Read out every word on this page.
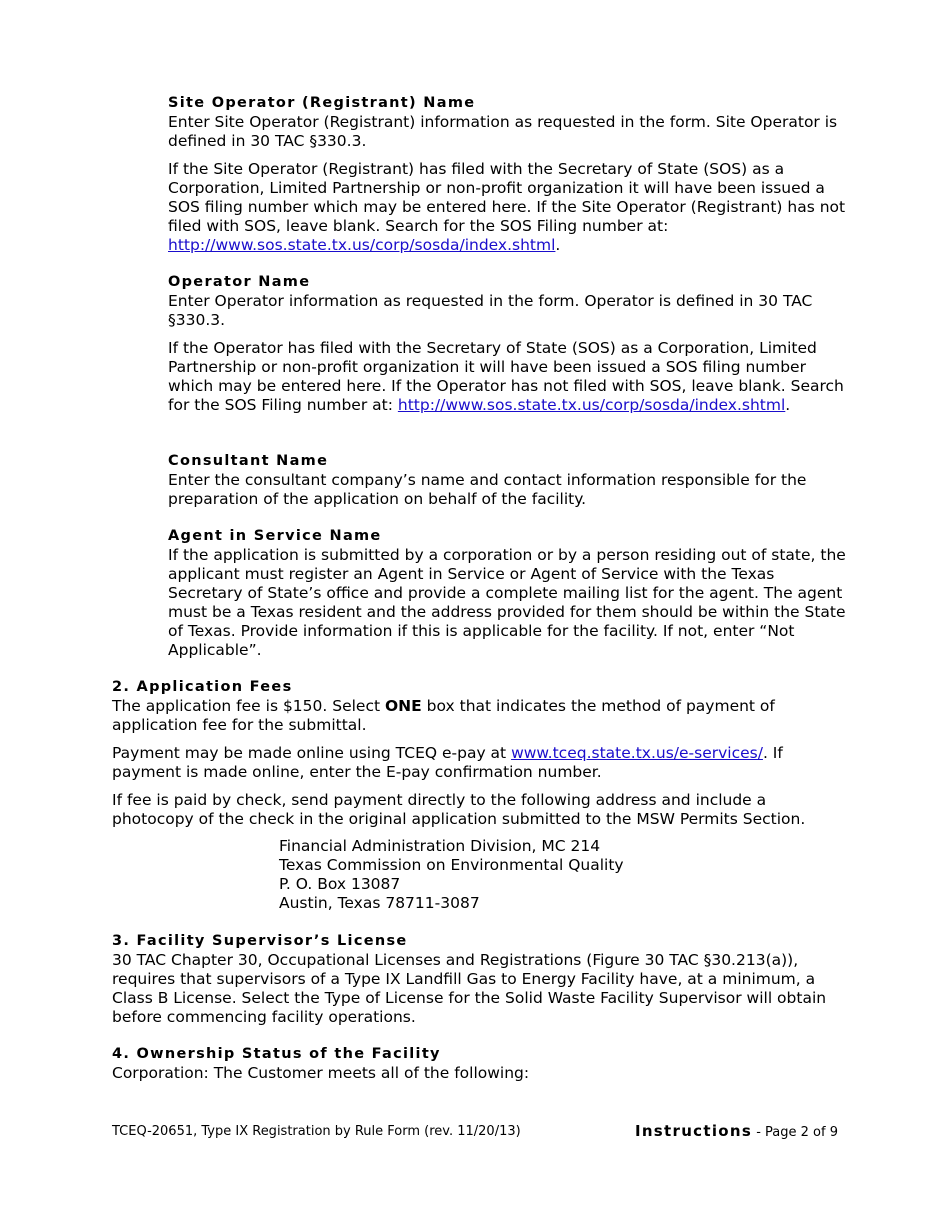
Site Operator (Registrant) Name

Enter Site Operator (Registrant) information as requested in the form. Site Operator is defined in 30 TAC §330.3.

If the Site Operator (Registrant) has filed with the Secretary of State (SOS) as a Corporation, Limited Partnership or non-profit organization it will have been issued a SOS filing number which may be entered here. If the Site Operator (Registrant) has not filed with SOS, leave blank. Search for the SOS Filing number at: http://www.sos.state.tx.us/corp/sosda/index.shtml.

Operator Name

Enter Operator information as requested in the form. Operator is defined in 30 TAC §330.3.

If the Operator has filed with the Secretary of State (SOS) as a Corporation, Limited Partnership or non-profit organization it will have been issued a SOS filing number which may be entered here. If the Operator has not filed with SOS, leave blank. Search for the SOS Filing number at: http://www.sos.state.tx.us/corp/sosda/index.shtml.

Consultant Name

Enter the consultant company’s name and contact information responsible for the preparation of the application on behalf of the facility.

Agent in Service Name

If the application is submitted by a corporation or by a person residing out of state, the applicant must register an Agent in Service or Agent of Service with the Texas Secretary of State’s office and provide a complete mailing list for the agent. The agent must be a Texas resident and the address provided for them should be within the State of Texas. Provide information if this is applicable for the facility. If not, enter “Not Applicable”.

2. Application Fees

The application fee is $150. Select ONE box that indicates the method of payment of application fee for the submittal.

Payment may be made online using TCEQ e-pay at www.tceq.state.tx.us/e-services/. If payment is made online, enter the E-pay confirmation number.

If fee is paid by check, send payment directly to the following address and include a photocopy of the check in the original application submitted to the MSW Permits Section.

Financial Administration Division, MC 214
Texas Commission on Environmental Quality
P. O. Box 13087
Austin, Texas 78711-3087
3. Facility Supervisor’s License

30 TAC Chapter 30, Occupational Licenses and Registrations (Figure 30 TAC §30.213(a)), requires that supervisors of a Type IX Landfill Gas to Energy Facility have, at a minimum, a Class B License. Select the Type of License for the Solid Waste Facility Supervisor will obtain before commencing facility operations.

4. Ownership Status of the Facility

Corporation: The Customer meets all of the following:

TCEQ-20651, Type IX Registration by Rule Form (rev. 11/20/13)	Instructions - Page 2 of 9
